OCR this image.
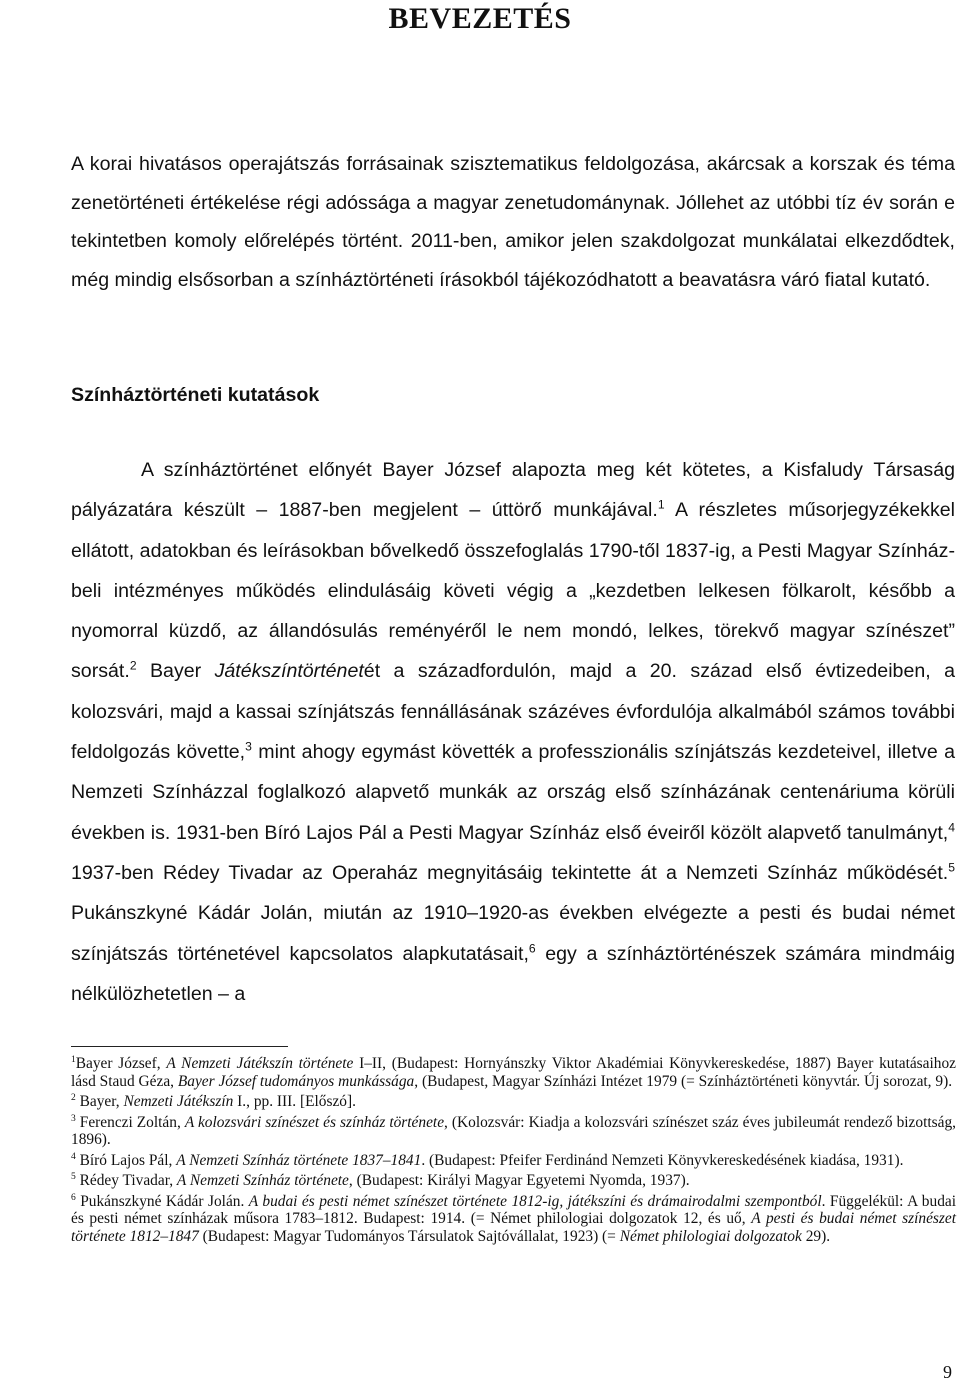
BEVEZETÉS

A korai hivatásos operajátszás forrásainak szisztematikus feldolgozása, akárcsak a korszak és téma zenetörténeti értékelése régi adóssága a magyar zenetudománynak. Jóllehet az utóbbi tíz év során e tekintetben komoly előrelépés történt. 2011-ben, amikor jelen szakdolgozat munkálatai elkezdődtek, még mindig elsősorban a színháztörténeti írásokból tájékozódhatott a beavatásra váró fiatal kutató.

Színháztörténeti kutatások

A színháztörténet előnyét Bayer József alapozta meg két kötetes, a Kisfaludy Társaság pályázatára készült – 1887-ben megjelent – úttörő munkájával.$^1$ A részletes műsorjegyzékekkel ellátott, adatokban és leírásokban bővelkedő összefoglalás 1790-től 1837-ig, a Pesti Magyar Színház-beli intézményes működés elindulásáig követi végig a „kezdetben lelkesen fölkarolt, később a nyomorral küzdő, az állandósulás reményéről le nem mondó, lelkes, törekvő magyar színészet” sorsát.$^2$ Bayer Játékszíntörténetét a századfordulón, majd a 20. század első évtizedeiben, a kolozsvári, majd a kassai színjátszás fennállásának százéves évfordulója alkalmából számos további feldolgozás követte,$^3$ mint ahogy egymást követték a professzionális színjátszás kezdeteivel, illetve a Nemzeti Színházzal foglalkozó alapvető munkák az ország első színházának centenáriuma körüli években is. 1931-ben Bíró Lajos Pál a Pesti Magyar Színház első éveiről közölt alapvető tanulmányt,$^4$ 1937-ben Rédey Tivadar az Operaház megnyitásáig tekintette át a Nemzeti Színház működését.$^5$ Pukánszkyné Kádár Jolán, miután az 1910–1920-as években elvégezte a pesti és budai német színjátszás történetével kapcsolatos alapkutatásait,$^6$ egy a színháztörténészek számára mindmáig nélkülözhetetlen – a

$^1$Bayer József, A Nemzeti Játékszín története I–II, (Budapest: Hornyánszky Viktor Akadémiai Könyvkereskedése, 1887) Bayer kutatásaihoz lásd Staud Géza, Bayer József tudományos munkássága, (Budapest, Magyar Színházi Intézet 1979 (= Színháztörténeti könyvtár. Új sorozat, 9).

$^2$ Bayer, Nemzeti Játékszín I., pp. III. [Előszó].

$^3$ Ferenczi Zoltán, A kolozsvári színészet és színház története, (Kolozsvár: Kiadja a kolozsvári színészet száz éves jubileumát rendező bizottság, 1896).

$^4$ Bíró Lajos Pál, A Nemzeti Színház története 1837–1841. (Budapest: Pfeifer Ferdinánd Nemzeti Könyvkereskedésének kiadása, 1931).

$^5$ Rédey Tivadar, A Nemzeti Színház története, (Budapest: Királyi Magyar Egyetemi Nyomda, 1937).

$^6$ Pukánszkyné Kádár Jolán. A budai és pesti német színészet története 1812-ig, játékszíni és drámairodalmi szempontból. Függelékül: A budai és pesti német színházak műsora 1783–1812. Budapest: 1914. (= Német philologiai dolgozatok 12, és uő, A pesti és budai német színészet története 1812–1847 (Budapest: Magyar Tudományos Társulatok Sajtóvállalat, 1923) (= Német philologiai dolgozatok 29).

9
